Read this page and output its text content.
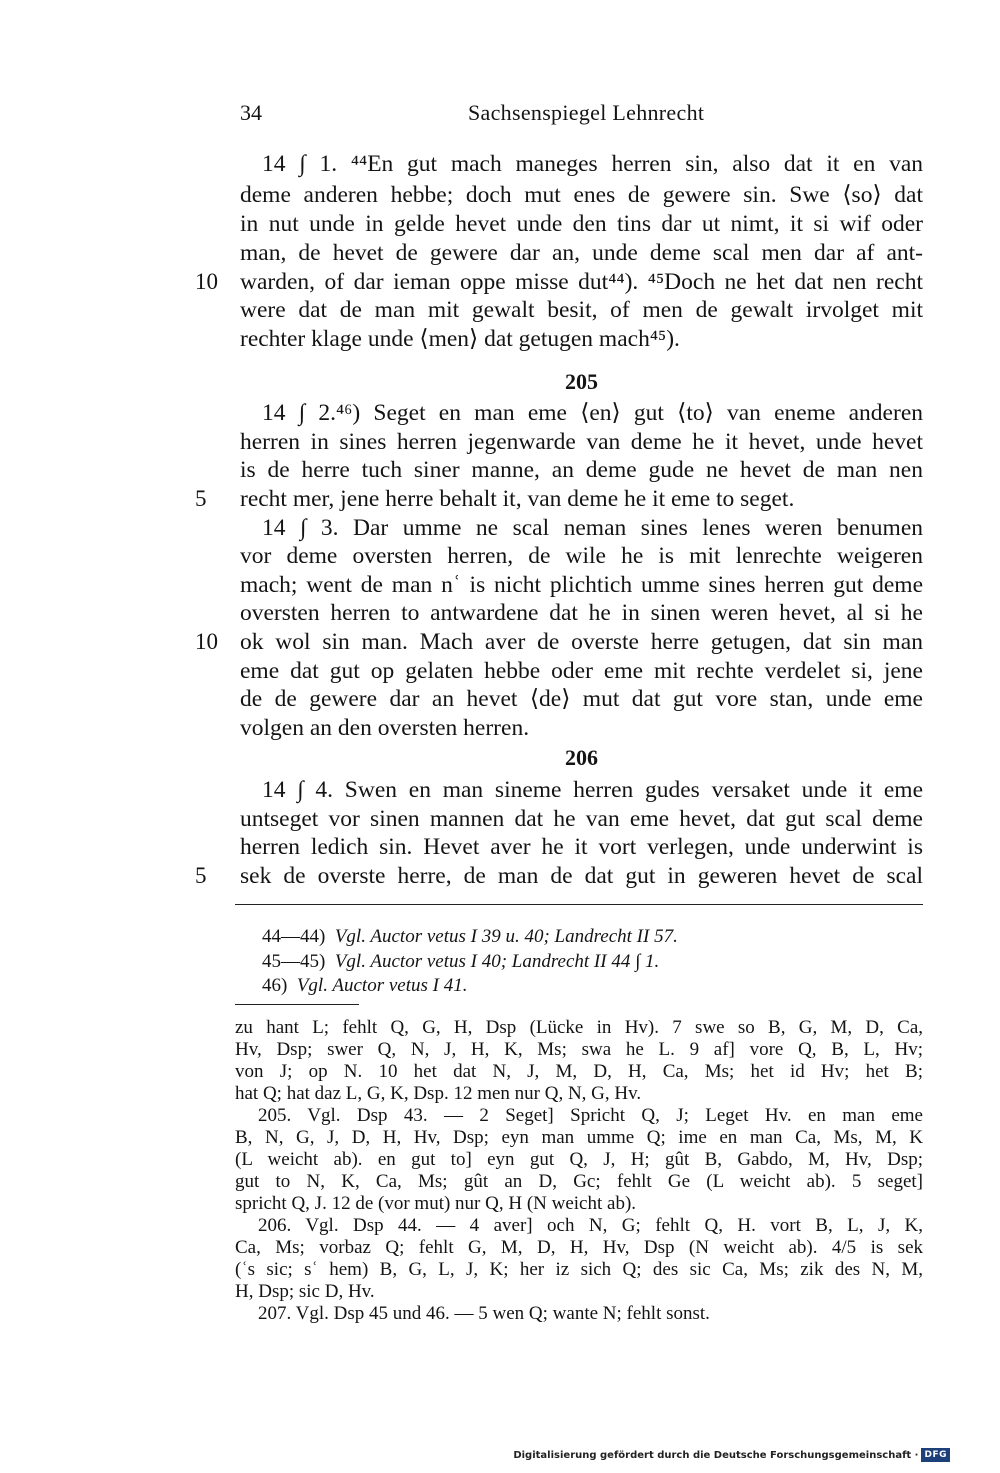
34	Sachsenspiegel Lehnrecht
14 ∫ 1. ⁴⁴En gut mach maneges herren sin, also dat it en van
deme anderen hebbe; doch mut enes de gewere sin. Swe ⟨so⟩ dat
in nut unde in gelde hevet unde den tins dar ut nimt, it si wif oder
man, de hevet de gewere dar an, unde deme scal men dar af ant-
10 warden, of dar ieman oppe misse dut⁴⁴). ⁴⁵Doch ne het dat nen recht
were dat de man mit gewalt besit, of men de gewalt irvolget mit
rechter klage unde ⟨men⟩ dat getugen mach⁴⁵).
205
14 ∫ 2.⁴⁶) Seget en man eme ⟨en⟩ gut ⟨to⟩ van eneme anderen
herren in sines herren jegenwarde van deme he it hevet, unde hevet
is de herre tuch siner manne, an deme gude ne hevet de man nen
5	recht mer, jene herre behalt it, van deme he it eme to seget.
14 ∫ 3. Dar umme ne scal neman sines lenes weren benumen
vor deme oversten herren, de wile he is mit lenrechte weigeren
mach; went de man nʿ is nicht plichtich umme sines herren gut deme
oversten herren to antwardene dat he in sinen weren hevet, al si he
10 ok wol sin man. Mach aver de overste herre getugen, dat sin man
eme dat gut op gelaten hebbe oder eme mit rechte verdelet si, jene
de de gewere dar an hevet ⟨de⟩ mut dat gut vore stan, unde eme
volgen an den oversten herren.
206
14 ∫ 4. Swen en man sineme herren gudes versaket unde it eme
untseget vor sinen mannen dat he van eme hevet, dat gut scal deme
herren ledich sin. Hevet aver he it vort verlegen, unde underwint is
5	sek de overste herre, de man de dat gut in geweren hevet de scal
44—44) Vgl. Auctor vetus I 39 u. 40; Landrecht II 57.
45—45) Vgl. Auctor vetus I 40; Landrecht II 44 ∫ 1.
46) Vgl. Auctor vetus I 41.
zu hant L; fehlt Q, G, H, Dsp (Lücke in Hv). 7 swe so B, G, M, D, Ca,
Hv, Dsp; swer Q, N, J, H, K, Ms; swa he L. 9 af] vore Q, B, L, Hv;
von J; op N. 10 het dat N, J, M, D, H, Ca, Ms; het id Hv; het B;
hat Q; hat daz L, G, K, Dsp. 12 men nur Q, N, G, Hv.
205. Vgl. Dsp 43. — 2 Seget] Spricht Q, J; Leget Hv. en man eme
B, N, G, J, D, H, Hv, Dsp; eyn man umme Q; ime en man Ca, Ms, M, K
(L weicht ab). en gut to] eyn gut Q, J, H; gût B, Gabdo, M, Hv, Dsp;
gut to N, K, Ca, Ms; gût an D, Gc; fehlt Ge (L weicht ab). 5 seget]
spricht Q, J. 12 de (vor mut) nur Q, H (N weicht ab).
206. Vgl. Dsp 44. — 4 aver] och N, G; fehlt Q, H. vort B, L, J, K,
Ca, Ms; vorbaz Q; fehlt G, M, D, H, Hv, Dsp (N weicht ab). 4/5 is sek
(ʿs sic; sʿ hem) B, G, L, J, K; her iz sich Q; des sic Ca, Ms; zik des N, M,
H, Dsp; sic D, Hv.
207. Vgl. Dsp 45 und 46. — 5 wen Q; wante N; fehlt sonst.
Digitalisierung gefördert durch die Deutsche Forschungsgemeinschaft · DFG
